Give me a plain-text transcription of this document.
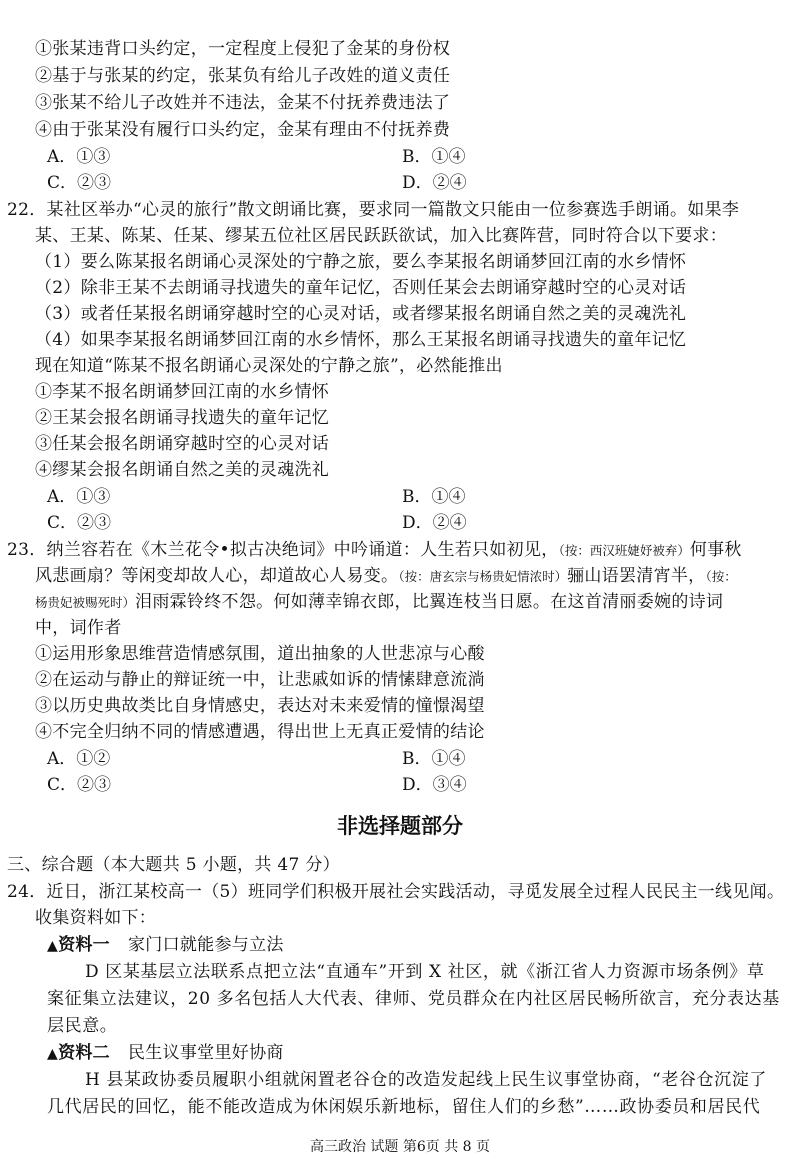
①张某违背口头约定，一定程度上侵犯了金某的身份权
②基于与张某的约定，张某负有给儿子改姓的道义责任
③张某不给儿子改姓并不违法，金某不付抚养费违法了
④由于张某没有履行口头约定，金某有理由不付抚养费
A．①③	B．①④
C．②③	D．②④
22．某社区举办“心灵的旅行”散文朗诵比赛，要求同一篇散文只能由一位参赛选手朗诵。如果李
某、王某、陈某、任某、缪某五位社区居民跃跃欲试，加入比赛阵营，同时符合以下要求：
（1）要么陈某报名朗诵心灵深处的宁静之旅，要么李某报名朗诵梦回江南的水乡情怀
（2）除非王某不去朗诵寻找遗失的童年记忆，否则任某会去朗诵穿越时空的心灵对话
（3）或者任某报名朗诵穿越时空的心灵对话，或者缪某报名朗诵自然之美的灵魂洗礼
（4）如果李某报名朗诵梦回江南的水乡情怀，那么王某报名朗诵寻找遗失的童年记忆
现在知道“陈某不报名朗诵心灵深处的宁静之旅”，必然能推出
①李某不报名朗诵梦回江南的水乡情怀
②王某会报名朗诵寻找遗失的童年记忆
③任某会报名朗诵穿越时空的心灵对话
④缪某会报名朗诵自然之美的灵魂洗礼
A．①③	B．①④
C．②③	D．②④
23．纳兰容若在《木兰花令•拟古决绝词》中吟诵道：人生若只如初见，（按：西汉班婕妤被弃）何事秋
风悲画扇？等闲变却故人心，却道故心人易变。（按：唐玄宗与杨贵妃情浓时）骊山语罢清宵半，（按：
杨贵妃被赐死时）泪雨霖铃终不怨。何如薄幸锦衣郎，比翼连枝当日愿。在这首清丽委婉的诗词
中，词作者
①运用形象思维营造情感氛围，道出抽象的人世悲凉与心酸
②在运动与静止的辩证统一中，让悲戚如诉的情愫肆意流淌
③以历史典故类比自身情感史，表达对未来爱情的憧憬渴望
④不完全归纳不同的情感遭遇，得出世上无真正爱情的结论
A．①②	B．①④
C．②③	D．③④
非选择题部分
三、综合题（本大题共 5 小题，共 47 分）
24．近日，浙江某校高一（5）班同学们积极开展社会实践活动，寻觅发展全过程人民民主一线见闻。
收集资料如下：
▲资料一 家门口就能参与立法
D 区某基层立法联系点把立法“直通车”开到 X 社区，就《浙江省人力资源市场条例》草
案征集立法建议，20 多名包括人大代表、律师、党员群众在内社区居民畅所欲言，充分表达基
层民意。
▲资料二 民生议事堂里好协商
H 县某政协委员履职小组就闲置老谷仓的改造发起线上民生议事堂协商，“老谷仓沉淀了
几代居民的回忆，能不能改造成为休闲娱乐新地标，留住人们的乡愁”……政协委员和居民代
高三政治 试题 第6页 共 8 页
